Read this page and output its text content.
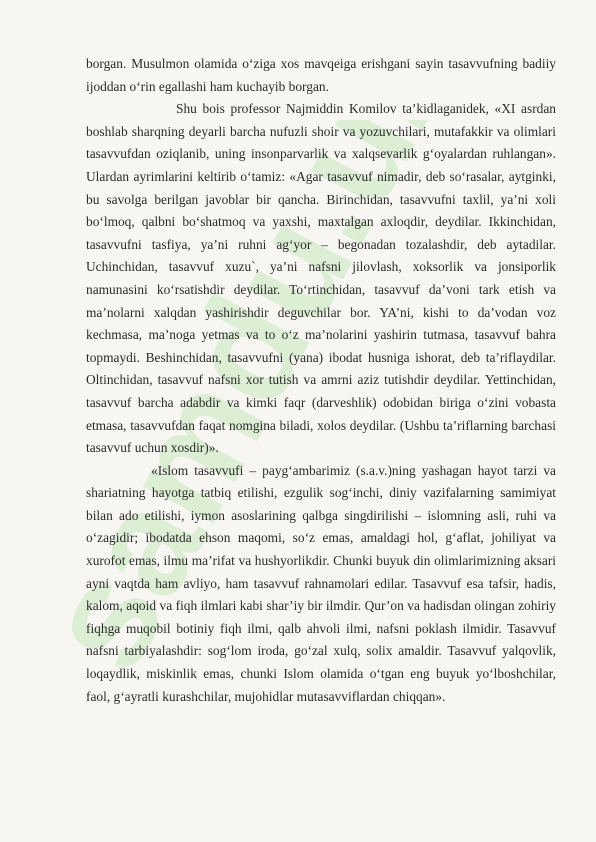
samdu.uz

borgan. Musulmon olamida o‘ziga xos mavqeiga erishgani sayin tasavvufning badiiy ijoddan o‘rin egallashi ham kuchayib borgan.

Shu bois professor Najmiddin Komilov ta’kidlaganidek, «XI asrdan boshlab sharqning deyarli barcha nufuzli shoir va yozuvchilari, mutafakkir va olimlari tasavvufdan oziqlanib, uning insonparvarlik va xalqsevarlik g‘oyalardan ruhlangan». Ulardan ayrimlarini keltirib o‘tamiz: «Agar tasavvuf nimadir, deb so‘rasalar, aytginki, bu savolga berilgan javoblar bir qancha. Birinchidan, tasavvufni taxlil, ya’ni xoli bo‘lmoq, qalbni bo‘shatmoq va yaxshi, maxtalgan axloqdir, deydilar. Ikkinchidan, tasavvufni tasfiya, ya’ni ruhni ag‘yor – begonadan tozalashdir, deb aytadilar. Uchinchidan, tasavvuf xuzu`, ya’ni nafsni jilovlash, xoksorlik va jonsiporlik namunasini ko‘rsatishdir deydilar. To‘rtinchidan, tasavvuf da’voni tark etish va ma’nolarni xalqdan yashirishdir deguvchilar bor. YA’ni, kishi to da’vodan voz kechmasa, ma’noga yetmas va to o‘z ma’nolarini yashirin tutmasa, tasavvuf bahra topmaydi. Beshinchidan, tasavvufni (yana) ibodat husniga ishorat, deb ta’riflaydilar. Oltinchidan, tasavvuf nafsni xor tutish va amrni aziz tutishdir deydilar. Yettinchidan, tasavvuf barcha adabdir va kimki faqr (darveshlik) odobidan biriga o‘zini vobasta etmasa, tasavvufdan faqat nomgina biladi, xolos deydilar. (Ushbu ta’riflarning barchasi tasavvuf uchun xosdir)».

«Islom tasavvufi – payg‘ambarimiz (s.a.v.)ning yashagan hayot tarzi va shariatning hayotga tatbiq etilishi, ezgulik sog‘inchi, diniy vazifalarning samimiyat bilan ado etilishi, iymon asoslarining qalbga singdirilishi – islomning asli, ruhi va o‘zagidir; ibodatda ehson maqomi, so‘z emas, amaldagi hol, g‘aflat, johiliyat va xurofot emas, ilmu ma’rifat va hushyorlikdir. Chunki buyuk din olimlarimizning aksari ayni vaqtda ham avliyo, ham tasavvuf rahnamolari edilar. Tasavvuf esa tafsir, hadis, kalom, aqoid va fiqh ilmlari kabi shar’iy bir ilmdir. Qur’on va hadisdan olingan zohiriy fiqhga muqobil botiniy fiqh ilmi, qalb ahvoli ilmi, nafsni poklash ilmidir. Tasavvuf nafsni tarbiyalashdir: sog‘lom iroda, go‘zal xulq, solix amaldir. Tasavvuf yalqovlik, loqaydlik, miskinlik emas, chunki Islom olamida o‘tgan eng buyuk yo‘lboshchilar, faol, g‘ayratli kurashchilar, mujohidlar mutasavviflardan chiqqan».
